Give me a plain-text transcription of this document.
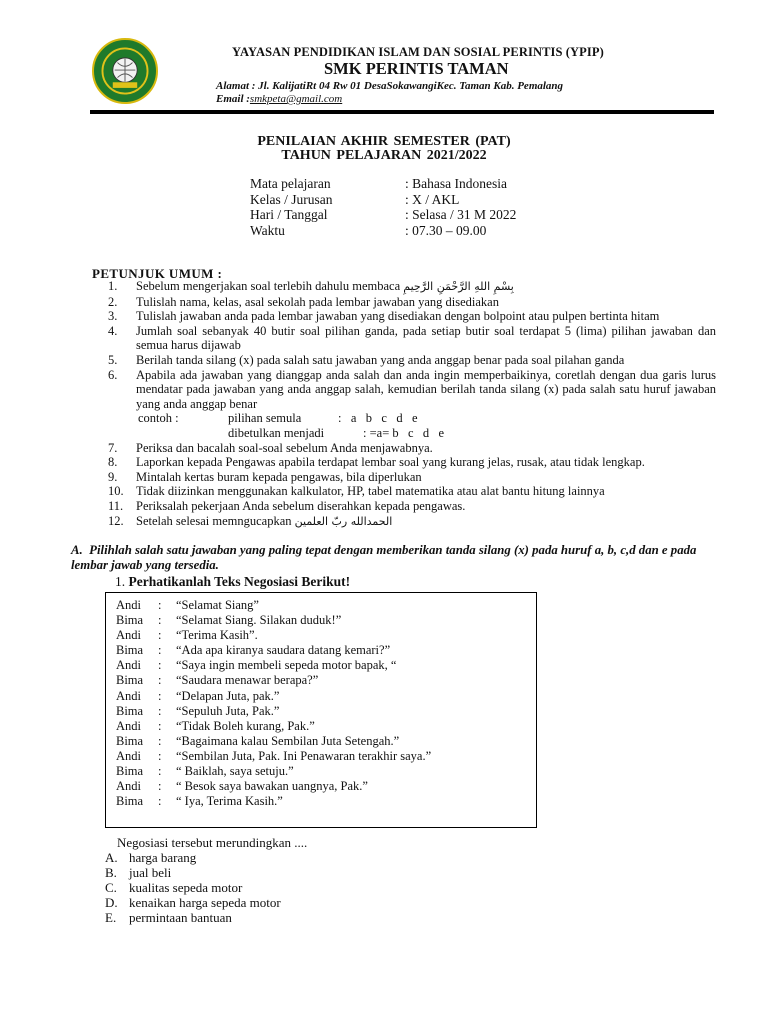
YAYASAN PENDIDIKAN ISLAM DAN SOSIAL PERINTIS (YPIP)
SMK PERINTIS TAMAN
Alamat : Jl. KalijatiRt 04 Rw 01 DesaSokawangiKec. Taman Kab. Pemalang
Email :smkpeta@gmail.com
PENILAIAN AKHIR SEMESTER (PAT)
TAHUN PELAJARAN 2021/2022
Mata pelajaran	: Bahasa Indonesia
Kelas / Jurusan	: X / AKL
Hari / Tanggal	: Selasa / 31 M 2022
Waktu	: 07.30 – 09.00
PETUNJUK UMUM :
1.	Sebelum mengerjakan soal terlebih dahulu membaca بِسْمِ اللهِ الرَّحْمَنِ الرَّحِيمِ
2.	Tulislah nama, kelas, asal sekolah pada lembar jawaban yang disediakan
3.	Tulislah jawaban anda pada lembar jawaban yang disediakan dengan bolpoint atau pulpen bertinta hitam
4.	Jumlah soal sebanyak 40 butir soal pilihan ganda, pada setiap butir soal terdapat 5 (lima) pilihan jawaban dan semua harus dijawab
5.	Berilah tanda silang (x) pada salah satu jawaban yang anda anggap benar pada soal pilahan ganda
6.	Apabila ada jawaban yang dianggap anda salah dan anda ingin memperbaikinya, coretlah dengan dua garis lurus mendatar pada jawaban yang anda anggap salah, kemudian berilah tanda silang (x) pada salah satu huruf jawaban yang anda anggap benar
contoh :	pilihan semula	:   a   b   c   d   e
dibetulkan menjadi	: =a= b   c   d   e
7.	Periksa dan bacalah soal-soal sebelum Anda menjawabnya.
8.	Laporkan kepada Pengawas apabila terdapat lembar soal yang kurang jelas, rusak, atau tidak lengkap.
9.	Mintalah kertas buram kepada pengawas, bila diperlukan
10. Tidak diizinkan menggunakan kalkulator, HP, tabel matematika atau alat bantu hitung lainnya
11.	Periksalah pekerjaan Anda sebelum diserahkan kepada pengawas.
12. Setelah selesai memngucapkan الحمدالله ربّ العلمين
A. Pilihlah salah satu jawaban yang paling tepat dengan memberikan tanda silang (x) pada huruf a, b, c,d dan e pada lembar jawab yang tersedia.
1. Perhatikanlah Teks Negosiasi Berikut!
Andi	:	“Selamat Siang”
Bima	:	“Selamat Siang. Silakan duduk!”
Andi	:	“Terima Kasih”.
Bima	:	“Ada apa kiranya saudara datang kemari?”
Andi	:	“Saya ingin membeli sepeda motor bapak, “
Bima	:	“Saudara menawar berapa?”
Andi	:	“Delapan Juta, pak.”
Bima	:	“Sepuluh Juta, Pak.”
Andi	:	“Tidak Boleh kurang, Pak.”
Bima	:	“Bagaimana kalau Sembilan Juta Setengah.”
Andi	:	“Sembilan Juta, Pak. Ini Penawaran terakhir saya.”
Bima	:	“ Baiklah, saya setuju.”
Andi	:	“ Besok saya bawakan uangnya, Pak.”
Bima	:	“ Iya, Terima Kasih.”
Negosiasi tersebut merundingkan ....
A. harga barang
B. jual beli
C. kualitas sepeda motor
D. kenaikan harga sepeda motor
E. permintaan bantuan
